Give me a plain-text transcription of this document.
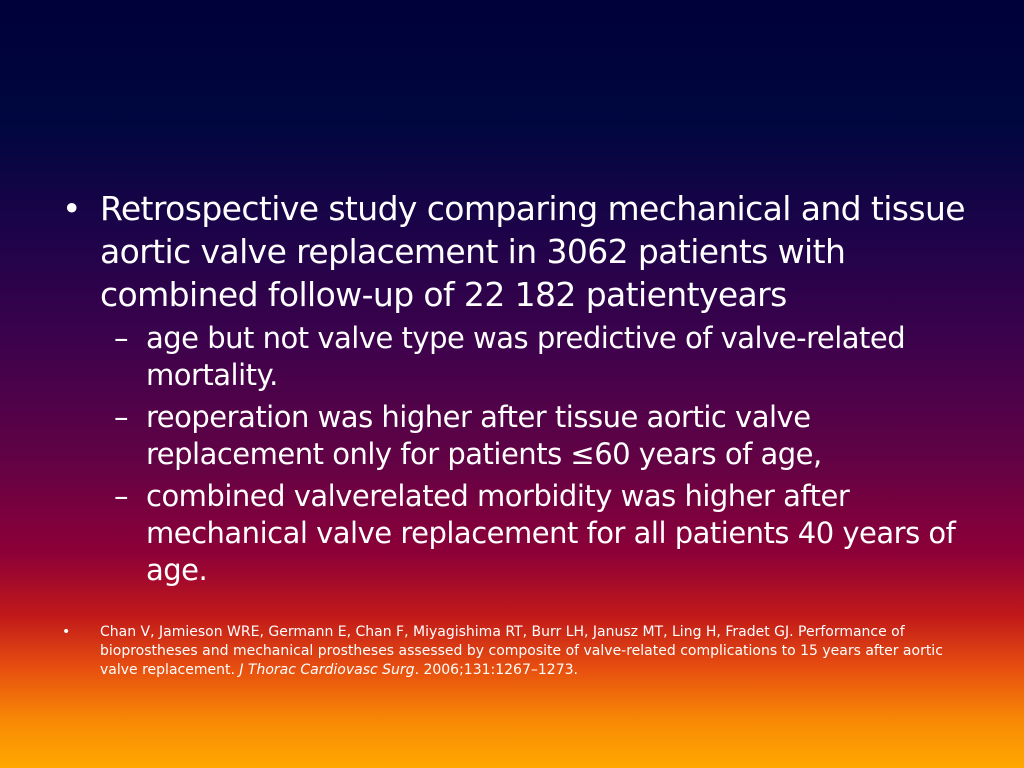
• Retrospective study comparing mechanical and tissue aortic valve replacement in 3062 patients with combined follow-up of 22 182 patientyears
– age but not valve type was predictive of valve-related mortality.
– reoperation was higher after tissue aortic valve replacement only for patients ≤60 years of age,
– combined valverelated morbidity was higher after mechanical valve replacement for all patients 40 years of age.
•	Chan V, Jamieson WRE, Germann E, Chan F, Miyagishima RT, Burr LH, Janusz MT, Ling H, Fradet GJ. Performance of bioprostheses and mechanical prostheses assessed by composite of valve-related complications to 15 years after aortic valve replacement. J Thorac Cardiovasc Surg. 2006;131:1267–1273.
